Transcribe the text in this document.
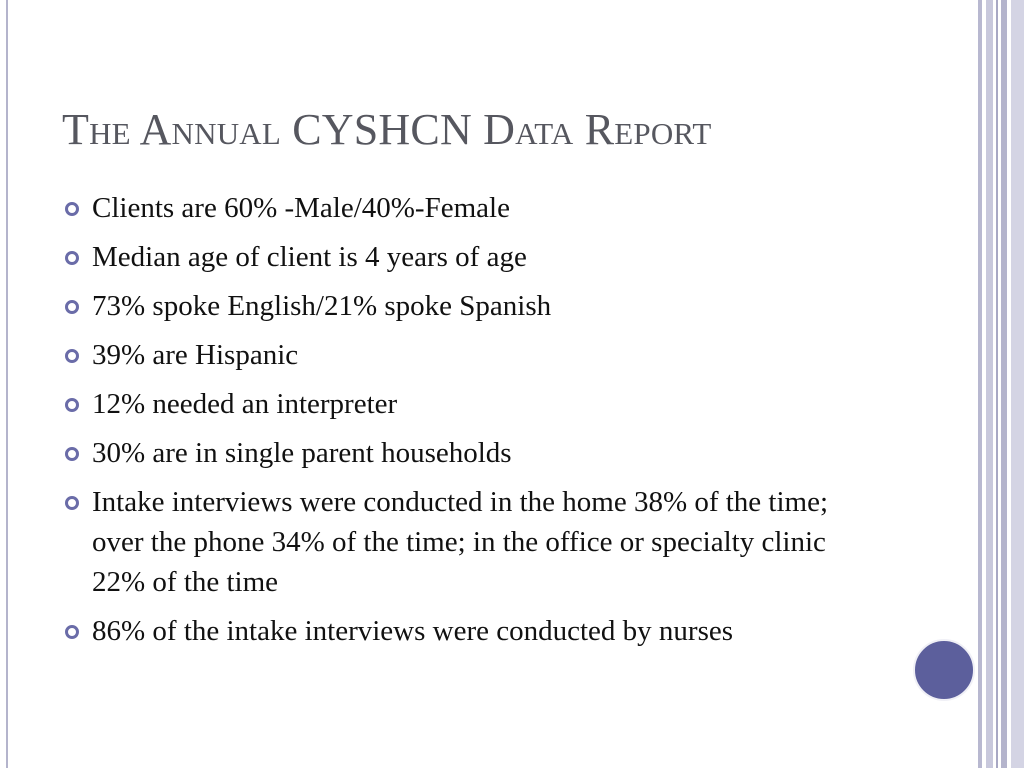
The Annual CYSHCN Data Report
Clients are 60% -Male/40%-Female
Median age of client is 4 years of age
73% spoke English/21% spoke Spanish
39% are Hispanic
12% needed an interpreter
30% are in single parent households
Intake interviews were conducted in the home 38% of the time; over the phone 34% of the time; in the office or specialty clinic 22% of the time
86% of the intake interviews were conducted by nurses
